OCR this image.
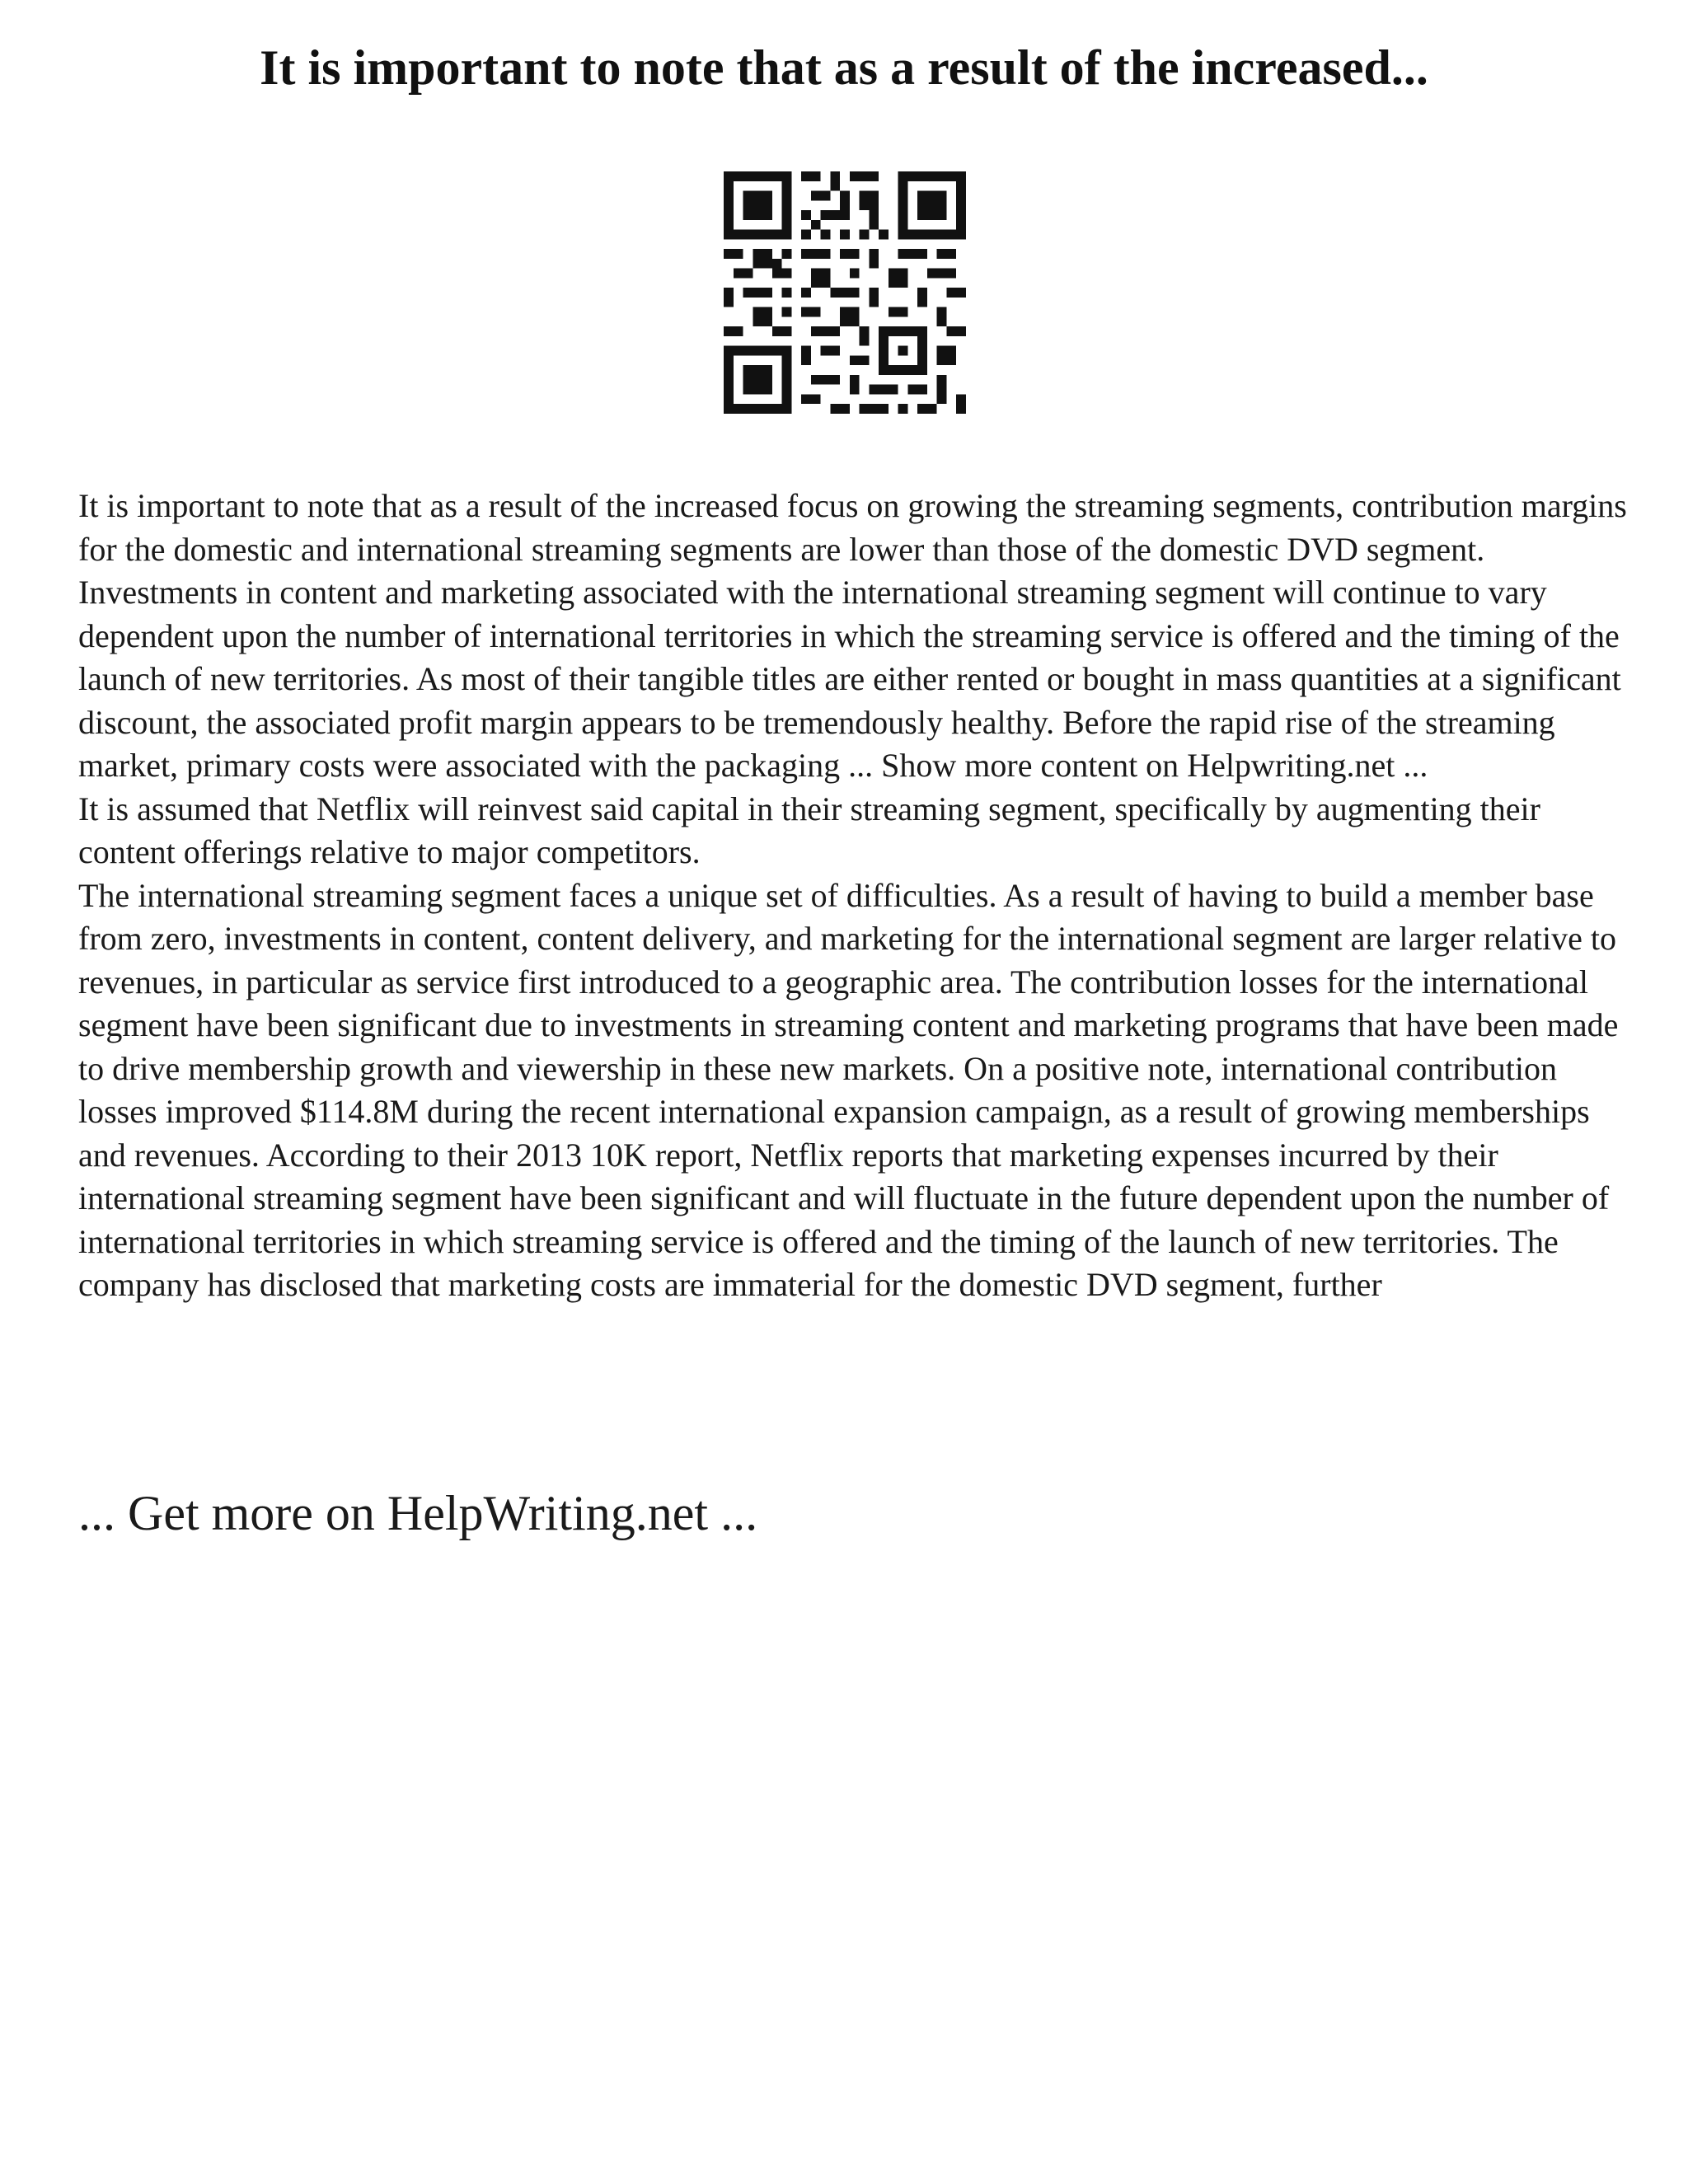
It is important to note that as a result of the increased...

It is important to note that as a result of the increased focus on growing the streaming segments, contribution margins for the domestic and international streaming segments are lower than those of the domestic DVD segment. Investments in content and marketing associated with the international streaming segment will continue to vary dependent upon the number of international territories in which the streaming service is offered and the timing of the launch of new territories. As most of their tangible titles are either rented or bought in mass quantities at a significant discount, the associated profit margin appears to be tremendously healthy. Before the rapid rise of the streaming market, primary costs were associated with the packaging ... Show more content on Helpwriting.net ...

It is assumed that Netflix will reinvest said capital in their streaming segment, specifically by augmenting their content offerings relative to major competitors.

The international streaming segment faces a unique set of difficulties. As a result of having to build a member base from zero, investments in content, content delivery, and marketing for the international segment are larger relative to revenues, in particular as service first introduced to a geographic area. The contribution losses for the international segment have been significant due to investments in streaming content and marketing programs that have been made to drive membership growth and viewership in these new markets. On a positive note, international contribution losses improved $114.8M during the recent international expansion campaign, as a result of growing memberships and revenues. According to their 2013 10K report, Netflix reports that marketing expenses incurred by their international streaming segment have been significant and will fluctuate in the future dependent upon the number of international territories in which streaming service is offered and the timing of the launch of new territories. The company has disclosed that marketing costs are immaterial for the domestic DVD segment, further

... Get more on HelpWriting.net ...
